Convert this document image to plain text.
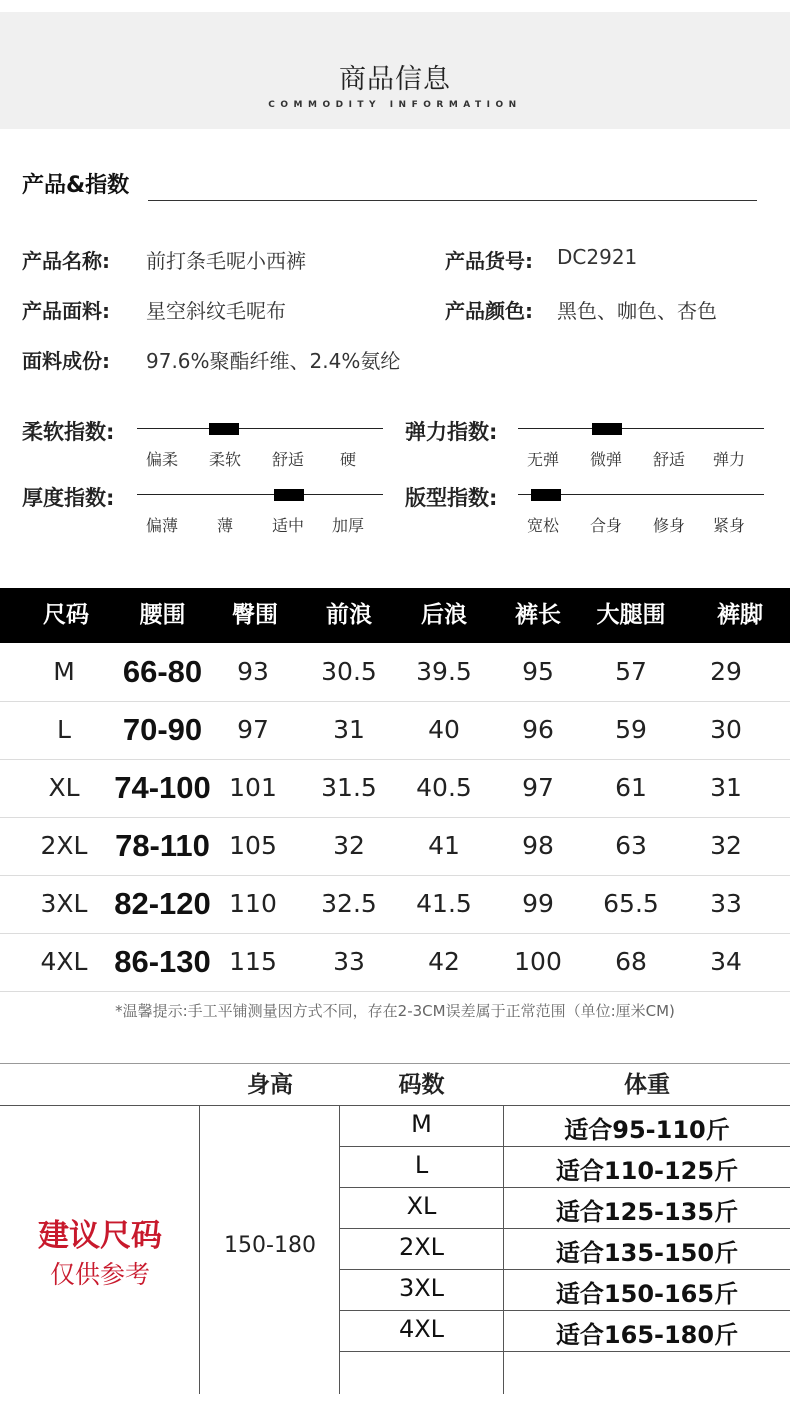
商品信息
COMMODITY INFORMATION
产品&指数
产品名称: 前打条毛呢小西裤	产品货号: DC2921
产品面料: 星空斜纹毛呢布	产品颜色: 黑色、咖色、杏色
面料成份: 97.6%聚酯纤维、2.4%氨纶
柔软指数:
偏柔	柔软	舒适	硬
弹力指数:
无弹	微弹	舒适	弹力
厚度指数:
偏薄	薄	适中	加厚
版型指数:
宽松	合身	修身	紧身
尺码	腰围	臀围	前浪	后浪	裤长	大腿围	裤脚
M	66-80	93	30.5	39.5	95	57	29
L	70-90	97	31	40	96	59	30
XL	74-100 101	31.5	40.5	97	61	31
2XL 78-110 105	32	41	98	63	32
3XL 82-120 110	32.5	41.5	99	65.5	33
4XL 86-130 115	33	42	100	68	34
*温馨提示:手工平铺测量因方式不同，存在2-3CM误差属于正常范围（单位:厘米CM)
身高	码数	体重
建议尺码
仅供参考
150-180
M	适合95-110斤
L	适合110-125斤
XL	适合125-135斤
2XL	适合135-150斤
3XL	适合150-165斤
4XL	适合165-180斤
